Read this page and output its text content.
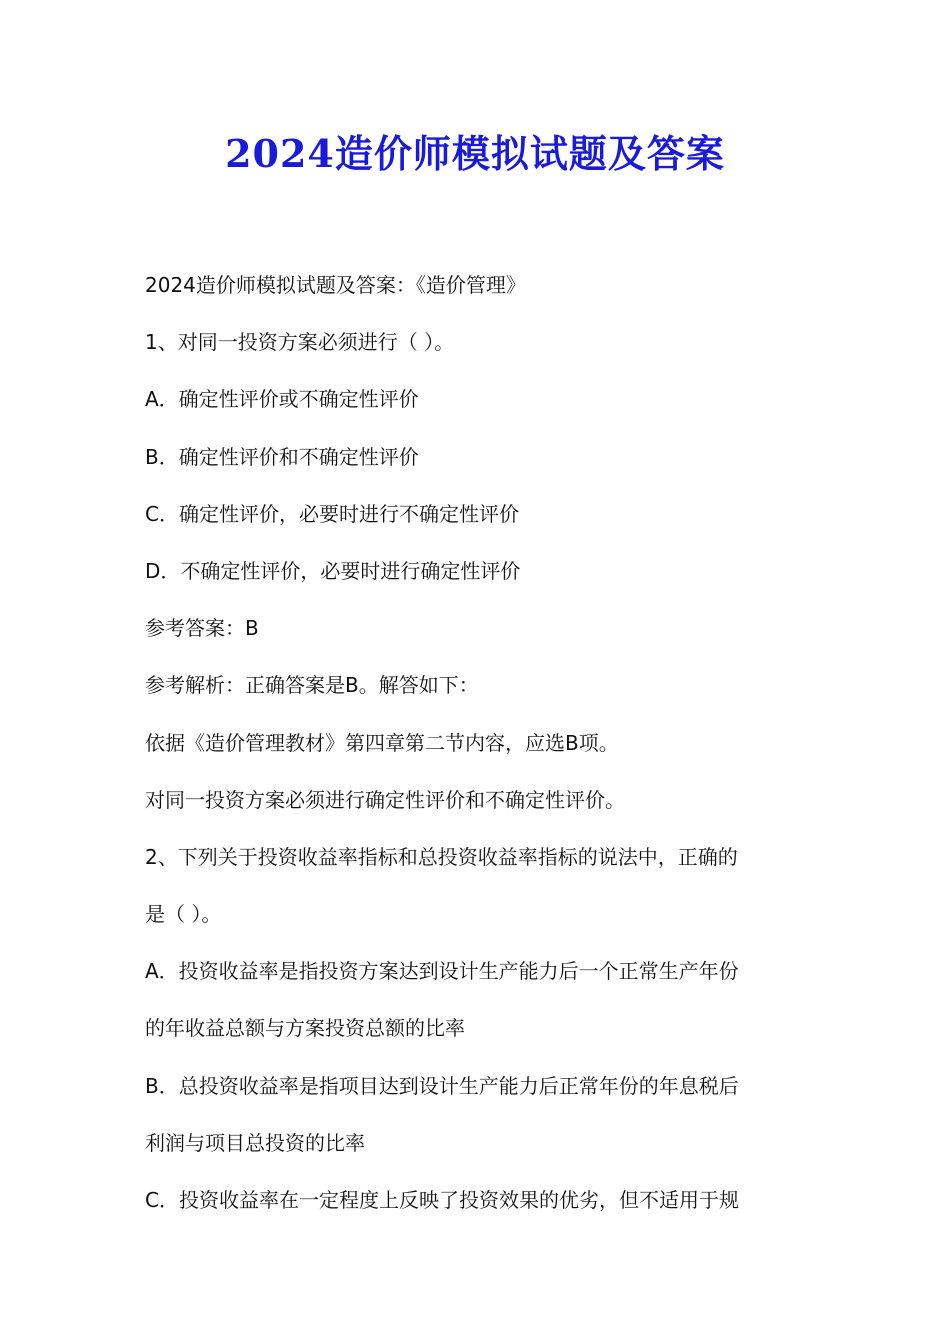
2024造价师模拟试题及答案

2024造价师模拟试题及答案：《造价管理》

1、对同一投资方案必须进行（ ）。

A．确定性评价或不确定性评价

B．确定性评价和不确定性评价

C．确定性评价，必要时进行不确定性评价

D．不确定性评价，必要时进行确定性评价

参考答案：B

参考解析：正确答案是B。解答如下：

依据《造价管理教材》第四章第二节内容，应选B项。

对同一投资方案必须进行确定性评价和不确定性评价。

2、下列关于投资收益率指标和总投资收益率指标的说法中，正确的

是（ ）。

A．投资收益率是指投资方案达到设计生产能力后一个正常生产年份

的年收益总额与方案投资总额的比率

B．总投资收益率是指项目达到设计生产能力后正常年份的年息税后

利润与项目总投资的比率

C．投资收益率在一定程度上反映了投资效果的优劣，但不适用于规
